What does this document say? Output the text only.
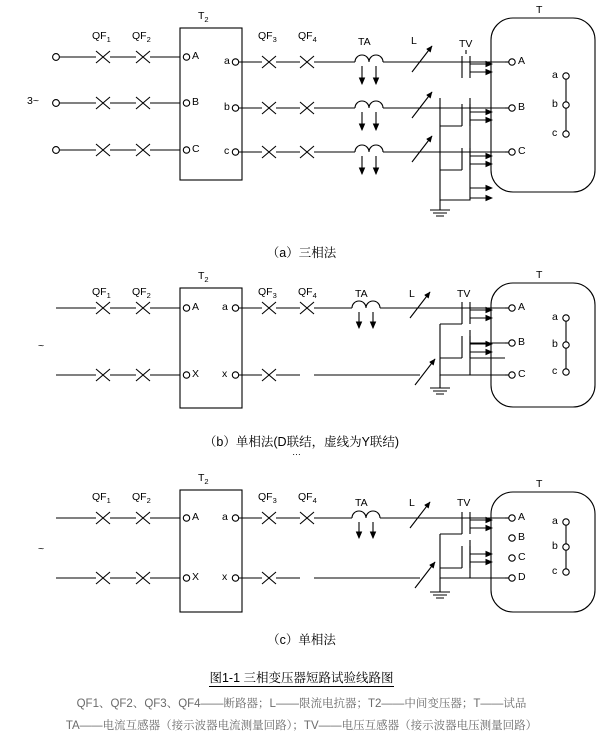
$QF_1$ $QF_2$
$T_2$
$QF_3$ $QF_4$	TA	L	TV
T
3~
A
B
C
a
b
c
A
B
C
a
b
c
（a）三相法
$QF_1$ $QF_2$
$T_2$
$QF_3$ $QF_4$	TA	L	TV
T
~
A
X
a
x
A
B
C
a
b
c
（b）单相法(D联结，虚线为Y联结)
…
$QF_1$ $QF_2$
$T_2$
$QF_3$ $QF_4$	TA	L	TV
T
~
A
X
a
x
A
B
C
D
a
b
c
（c）单相法
图1-1 三相变压器短路试验线路图
QF1、QF2、QF3、QF4——断路器；L——限流电抗器；T2——中间变压器；T——试品
TA——电流互感器（接示波器电流测量回路）；TV——电压互感器（接示波器电压测量回路）
